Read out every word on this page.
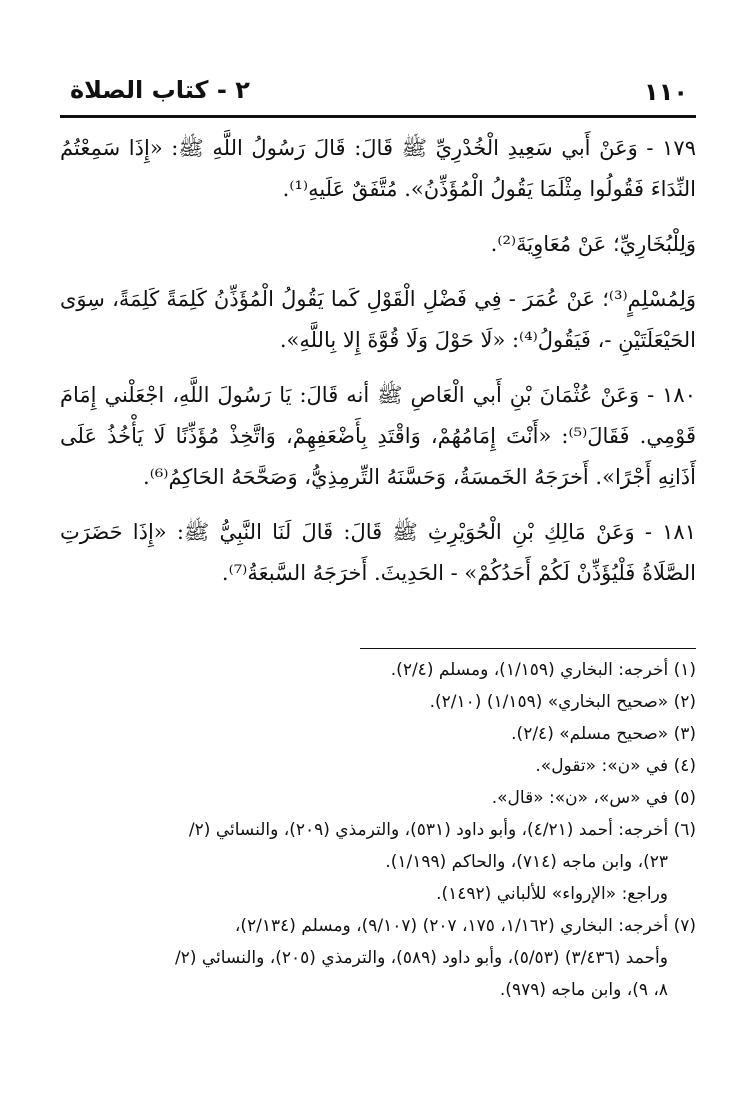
١١٠
٢ - كتاب الصلاة

١٧٩ - وَعَنْ أَبي سَعِيدِ الْخُدْرِيِّ ﷺ قَالَ: قَالَ رَسُولُ اللَّهِ ﷺ: «إِذَا سَمِعْتُمُ النِّدَاءَ فَقُولُوا مِثْلَمَا يَقُولُ الْمُؤَذِّنُ». مُتَّفَقٌ عَلَيهِ⁽¹⁾.

وَلِلْبُخَارِيِّ؛ عَنْ مُعَاوِيَةَ⁽²⁾.

وَلِمُسْلِمٍ⁽³⁾؛ عَنْ عُمَرَ - فِي فَضْلِ الْقَوْلِ كَما يَقُولُ الْمُؤَذِّنُ كَلِمَةً كَلِمَةً، سِوَى الحَيْعَلَتَيْنِ -، فَيَقُولُ⁽⁴⁾: «لَا حَوْلَ وَلَا قُوَّةَ إِلا بِاللَّهِ».

١٨٠ - وَعَنْ عُثْمَانَ بْنِ أَبي الْعَاصِ ﷺ أنه قَالَ: يَا رَسُولَ اللَّهِ، اجْعَلْني إِمَامَ قَوْمِي. فَقَالَ⁽⁵⁾: «أَنْتَ إِمَامُهُمْ، وَاقْتَدِ بِأَضْعَفِهِمْ، وَاتَّخِذْ مُؤَذِّنًا لَا يَأْخُذُ عَلَى أَذَانِهِ أَجْرًا». أَخرَجَهُ الخَمسَةُ، وَحَسَّنَهُ التِّرمِذِيُّ، وَصَحَّحَهُ الحَاكِمُ⁽⁶⁾.

١٨١ - وَعَنْ مَالِكِ بْنِ الْحُوَيْرِثِ ﷺ قَالَ: قَالَ لَنَا النَّبِيُّ ﷺ: «إِذَا حَضَرَتِ الصَّلَاةُ فَلْيُؤَذِّنْ لَكُمْ أَحَدُكُمْ» - الحَدِيثَ. أَخرَجَهُ السَّبعَةُ⁽⁷⁾.

(١) أخرجه: البخاري (١/١٥٩)، ومسلم (٢/٤).
(٢) «صحيح البخاري» (١/١٥٩) (٢/١٠).
(٣) «صحيح مسلم» (٢/٤).
(٤) في «ن»: «تقول».
(٥) في «س»، «ن»: «قال».
(٦) أخرجه: أحمد (٤/٢١)، وأبو داود (٥٣١)، والترمذي (٢٠٩)، والنسائي (٢/
٢٣)، وابن ماجه (٧١٤)، والحاكم (١/١٩٩).
وراجع: «الإرواء» للألباني (١٤٩٢).
(٧) أخرجه: البخاري (١/١٦٢، ١٧٥، ٢٠٧) (٩/١٠٧)، ومسلم (٢/١٣٤)،
وأحمد (٣/٤٣٦) (٥/٥٣)، وأبو داود (٥٨٩)، والترمذي (٢٠٥)، والنسائي (٢/
٨، ٩)، وابن ماجه (٩٧٩).
